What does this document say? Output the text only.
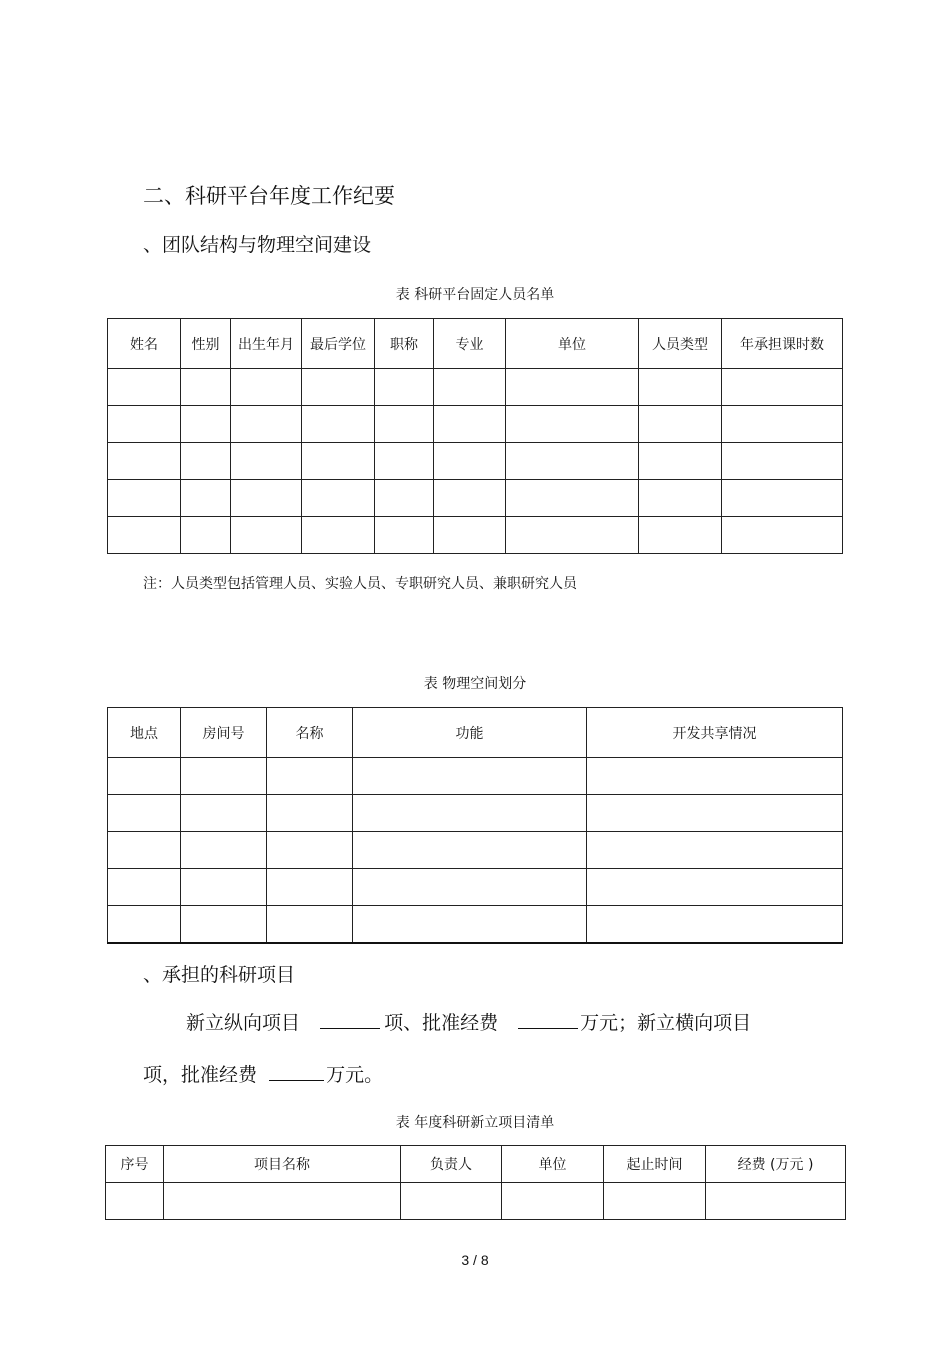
二、科研平台年度工作纪要
、团队结构与物理空间建设
表 科研平台固定人员名单
姓名	性别	出生年月	最后学位	职称	专业	单位	人员类型	年承担课时数

注：人员类型包括管理人员、实验人员、专职研究人员、兼职研究人员
表 物理空间划分
地点	房间号	名称	功能	开发共享情况

、承担的科研项目
新立纵向项目	项、批准经费	万元；新立横向项目
项，批准经费	万元。
表 年度科研新立项目清单
序号	项目名称	负责人	单位	起止时间	经费 (万元 )

3 / 8
